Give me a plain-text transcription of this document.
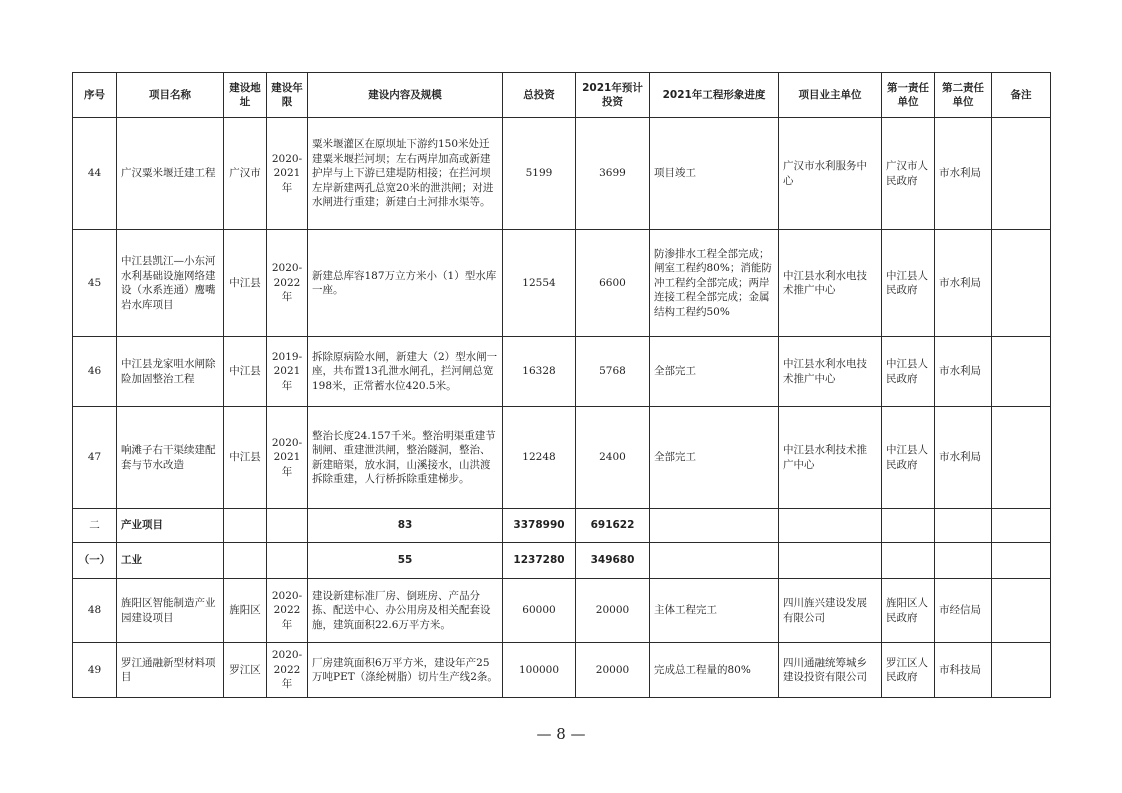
序号	项目名称	建设地址	建设年限	建设内容及规模	总投资	2021年预计投资	2021年工程形象进度	项目业主单位	第一责任单位	第二责任单位	备注
44	广汉粟米堰迁建工程	广汉市	2020-2021年	粟米堰灌区在原坝址下游约150米处迁建粟米堰拦河坝；左右两岸加高或新建护岸与上下游已建堤防相接；在拦河坝左岸新建两孔总宽20米的泄洪闸；对进水闸进行重建；新建白土河排水渠等。	5199	3699	项目竣工	广汉市水利服务中心	广汉市人民政府	市水利局	
45	中江县凯江—小东河水利基础设施网络建设（水系连通）鹰嘴岩水库项目	中江县	2020-2022年	新建总库容187万立方米小（1）型水库一座。	12554	6600	防渗排水工程全部完成；闸室工程约80%；消能防冲工程约全部完成；两岸连接工程全部完成；金属结构工程约50%	中江县水利水电技术推广中心	中江县人民政府	市水利局	
46	中江县龙家咀水闸除险加固整治工程	中江县	2019-2021年	拆除原病险水闸，新建大（2）型水闸一座，共布置13孔泄水闸孔，拦河闸总宽198米，正常蓄水位420.5米。	16328	5768	全部完工	中江县水利水电技术推广中心	中江县人民政府	市水利局	
47	响滩子右干渠续建配套与节水改造	中江县	2020-2021年	整治长度24.157千米。整治明渠重建节制闸、重建泄洪闸，整治隧洞，整治、新建暗渠，放水洞，山溪接水，山洪渡拆除重建，人行桥拆除重建梯步。	12248	2400	全部完工	中江县水利技术推广中心	中江县人民政府	市水利局	
二	产业项目			83	3378990	691622					
（一）	工业			55	1237280	349680					
48	旌阳区智能制造产业园建设项目	旌阳区	2020-2022年	建设新建标准厂房、倒班房、产品分拣、配送中心、办公用房及相关配套设施，建筑面积22.6万平方米。	60000	20000	主体工程完工	四川旌兴建设发展有限公司	旌阳区人民政府	市经信局	
49	罗江通融新型材料项目	罗江区	2020-2022年	厂房建筑面积6万平方米，建设年产25万吨PET（涤纶树脂）切片生产线2条。	100000	20000	完成总工程量的80%	四川通融统筹城乡建设投资有限公司	罗江区人民政府	市科技局	
— 8 —
